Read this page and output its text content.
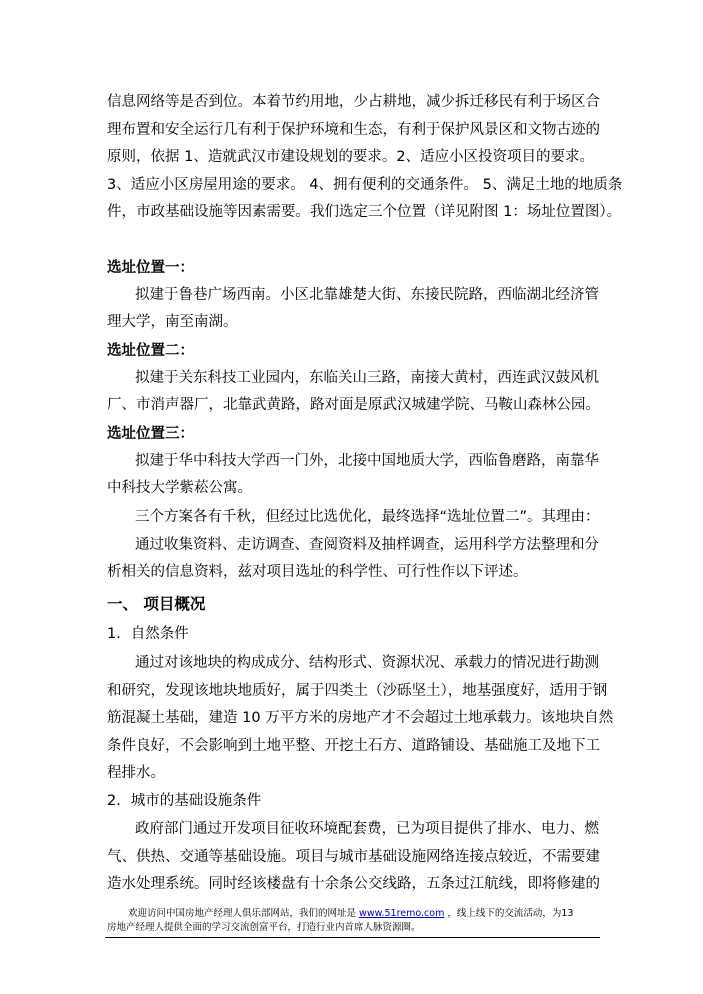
信息网络等是否到位。本着节约用地，少占耕地，减少拆迁移民有利于场区合
理布置和安全运行几有利于保护环境和生态，有利于保护风景区和文物古迹的
原则，依据 1、造就武汉市建设规划的要求。2、适应小区投资项目的要求。
3、适应小区房屋用途的要求。 4、拥有便利的交通条件。 5、满足土地的地质条
件，市政基础设施等因素需要。我们选定三个位置（详见附图 1：场址位置图）。
选址位置一：
拟建于鲁巷广场西南。小区北靠雄楚大街、东接民院路，西临湖北经济管
理大学，南至南湖。
选址位置二：
拟建于关东科技工业园内，东临关山三路，南接大黄村，西连武汉鼓风机
厂、市消声器厂，北靠武黄路，路对面是原武汉城建学院、马鞍山森林公园。
选址位置三：
拟建于华中科技大学西一门外，北接中国地质大学，西临鲁磨路，南靠华
中科技大学紫菘公寓。
三个方案各有千秋，但经过比选优化，最终选择“选址位置二”。其理由：
通过收集资料、走访调查、查阅资料及抽样调查，运用科学方法整理和分
析相关的信息资料，兹对项目选址的科学性、可行性作以下评述。
一、 项目概况
1．自然条件
通过对该地块的构成成分、结构形式、资源状况、承载力的情况进行勘测
和研究，发现该地块地质好，属于四类土（沙砾坚土），地基强度好，适用于钢
筋混凝土基础，建造 10 万平方米的房地产才不会超过土地承载力。该地块自然
条件良好，不会影响到土地平整、开挖土石方、道路铺设、基础施工及地下工
程排水。
2．城市的基础设施条件
政府部门通过开发项目征收环境配套费，已为项目提供了排水、电力、燃
气、供热、交通等基础设施。项目与城市基础设施网络连接点较近，不需要建
造水处理系统。同时经该楼盘有十余条公交线路，五条过江航线，即将修建的
欢迎访问中国房地产经理人俱乐部网站，我们的网址是 www.51remo.com ，线上线下的交流活动，为13
房地产经理人提供全面的学习交流创富平台，打造行业内首席人脉资源圈。
